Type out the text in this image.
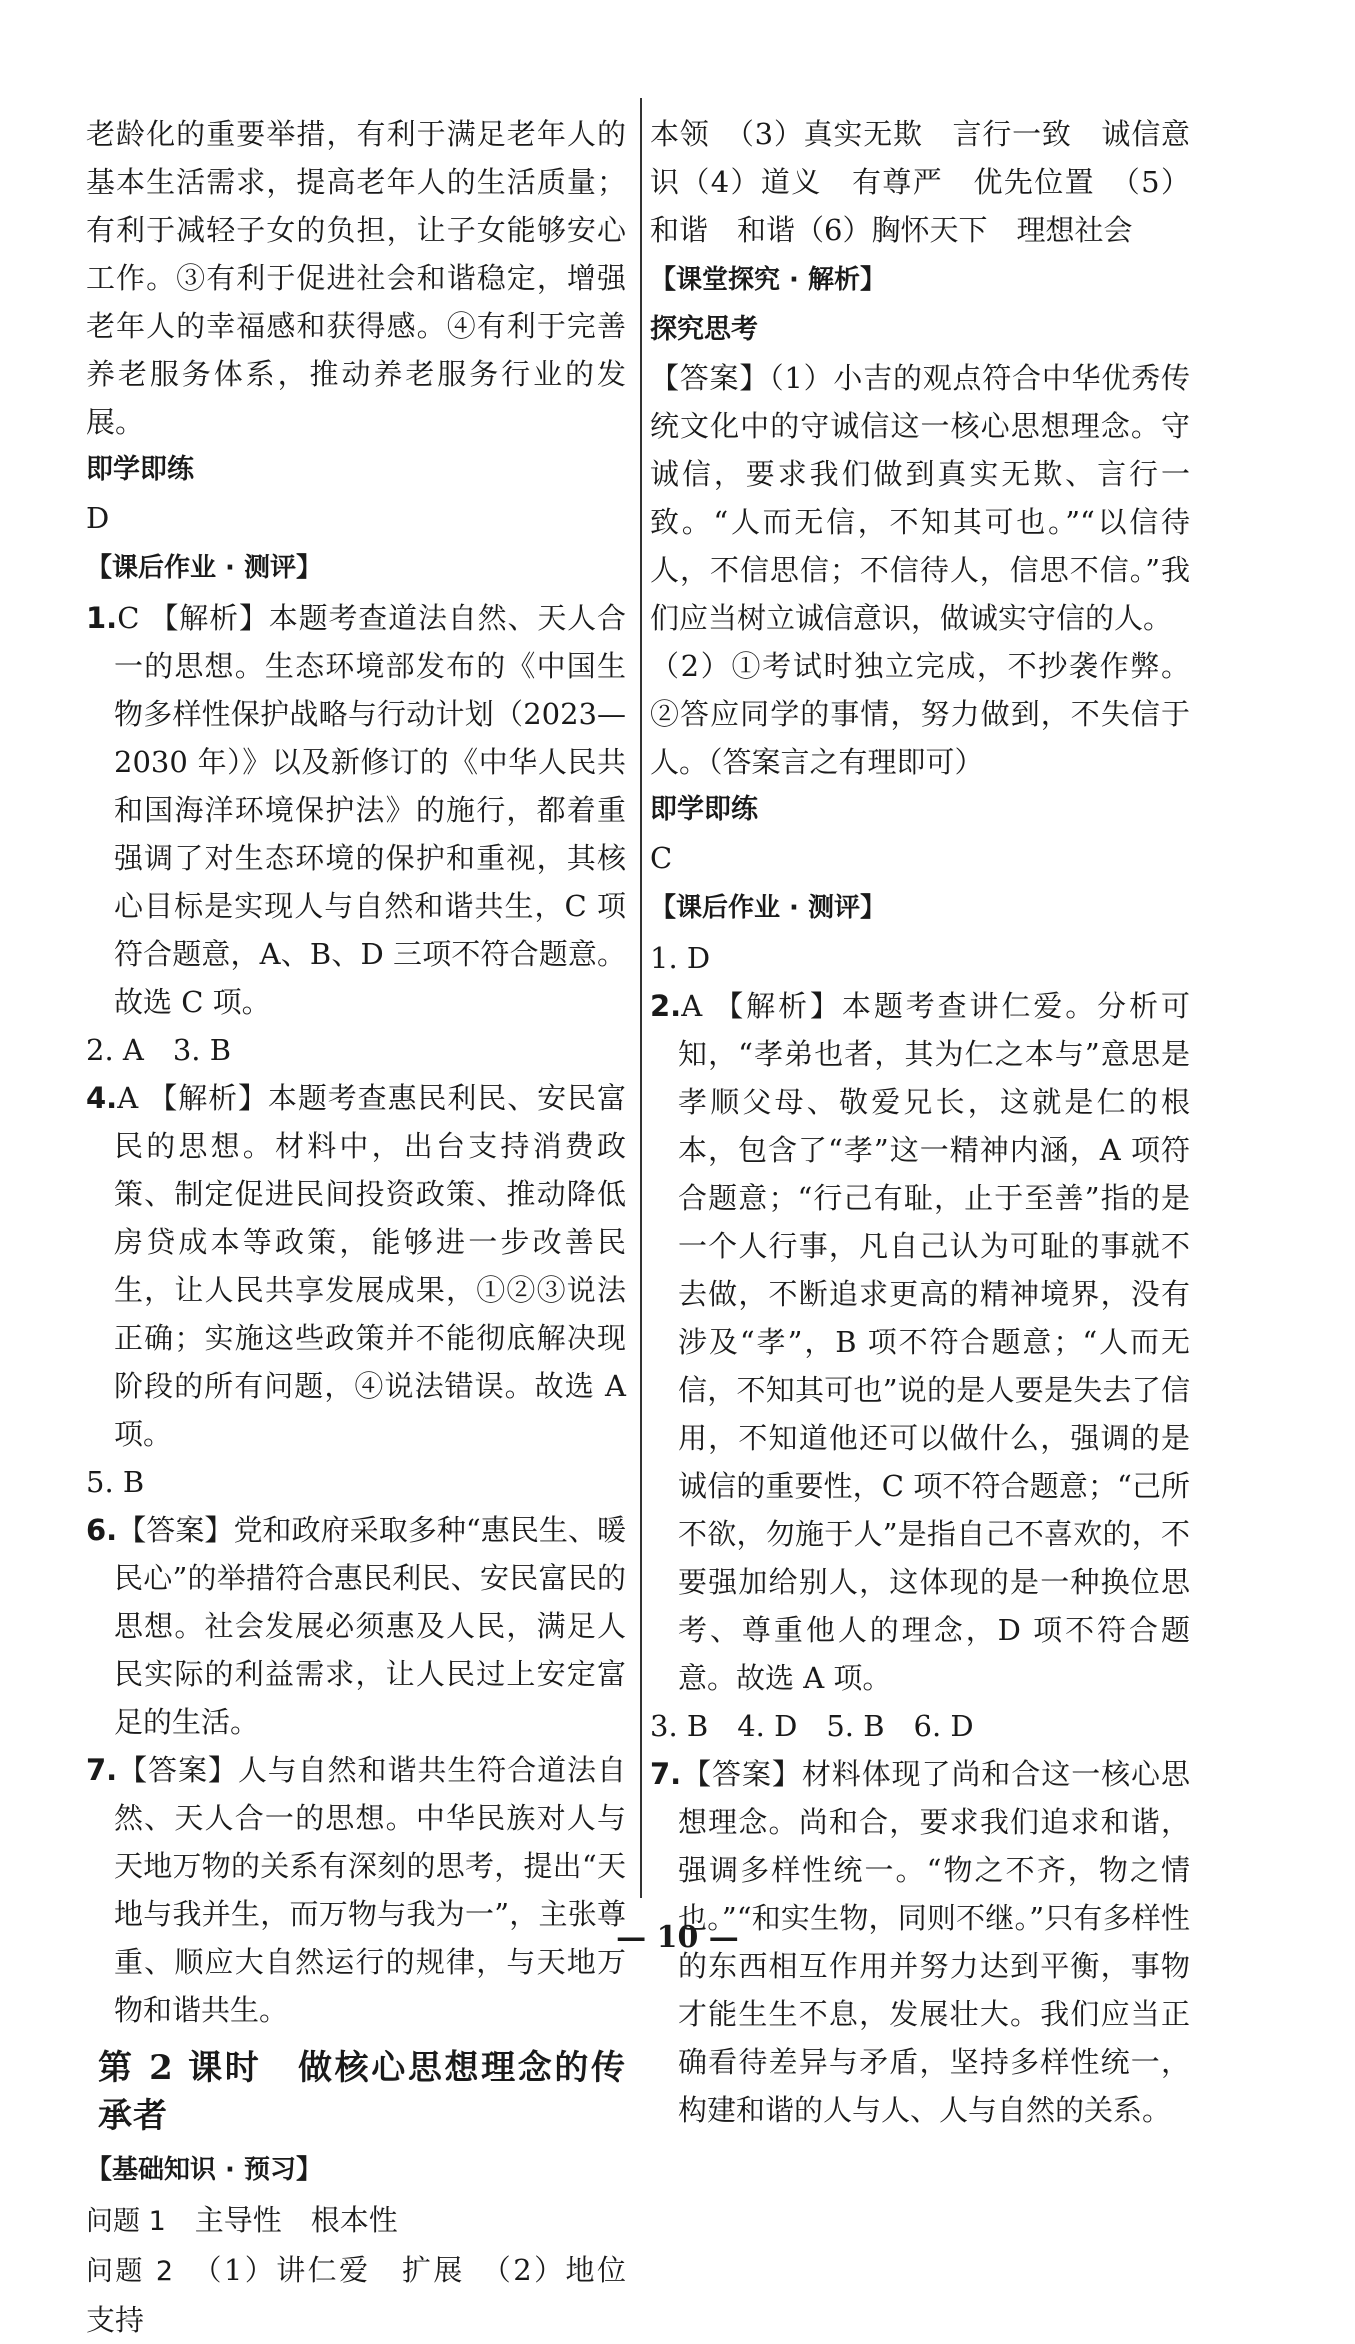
老龄化的重要举措，有利于满足老年人的基本生活需求，提高老年人的生活质量；有利于减轻子女的负担，让子女能够安心工作。③有利于促进社会和谐稳定，增强老年人的幸福感和获得感。④有利于完善养老服务体系，推动养老服务行业的发展。

即学即练

D

【课后作业 · 测评】

1.C 【解析】本题考查道法自然、天人合一的思想。生态环境部发布的《中国生物多样性保护战略与行动计划（2023—2030 年）》以及新修订的《中华人民共和国海洋环境保护法》的施行，都着重强调了对生态环境的保护和重视，其核心目标是实现人与自然和谐共生，C 项符合题意，A、B、D 三项不符合题意。故选 C 项。

2. A　3. B

4.A 【解析】本题考查惠民利民、安民富民的思想。材料中，出台支持消费政策、制定促进民间投资政策、推动降低房贷成本等政策，能够进一步改善民生，让人民共享发展成果，①②③说法正确；实施这些政策并不能彻底解决现阶段的所有问题，④说法错误。故选 A 项。

5. B

6.【答案】党和政府采取多种“惠民生、暖民心”的举措符合惠民利民、安民富民的思想。社会发展必须惠及人民，满足人民实际的利益需求，让人民过上安定富足的生活。

7.【答案】人与自然和谐共生符合道法自然、天人合一的思想。中华民族对人与天地万物的关系有深刻的思考，提出“天地与我并生，而万物与我为一”，主张尊重、顺应大自然运行的规律，与天地万物和谐共生。

第 2 课时　做核心思想理念的传承者

【基础知识 · 预习】

问题 1　 主导性　根本性

问题 2　 （1）讲仁爱　扩展　（2）地位　支持

本领　（3）真实无欺　言行一致　诚信意识（4）道义　有尊严　优先位置　（5）和谐　和谐（6）胸怀天下　理想社会

【课堂探究 · 解析】

探究思考

【答案】（1）小吉的观点符合中华优秀传统文化中的守诚信这一核心思想理念。守诚信，要求我们做到真实无欺、言行一致。“人而无信，不知其可也。”“以信待人，不信思信；不信待人，信思不信。”我们应当树立诚信意识，做诚实守信的人。

（2）①考试时独立完成，不抄袭作弊。②答应同学的事情，努力做到，不失信于人。（答案言之有理即可）

即学即练

C

【课后作业 · 测评】

1. D

2.A 【解析】本题考查讲仁爱。分析可知，“孝弟也者，其为仁之本与”意思是孝顺父母、敬爱兄长，这就是仁的根本，包含了“孝”这一精神内涵，A 项符合题意；“行己有耻，止于至善”指的是一个人行事，凡自己认为可耻的事就不去做，不断追求更高的精神境界，没有涉及“孝”，B 项不符合题意；“人而无信，不知其可也”说的是人要是失去了信用，不知道他还可以做什么，强调的是诚信的重要性，C 项不符合题意；“己所不欲，勿施于人”是指自己不喜欢的，不要强加给别人，这体现的是一种换位思考、尊重他人的理念，D 项不符合题意。故选 A 项。

3. B　4. D　5. B　6. D

7.【答案】材料体现了尚和合这一核心思想理念。尚和合，要求我们追求和谐，强调多样性统一。“物之不齐，物之情也。”“和实生物，同则不继。”只有多样性的东西相互作用并努力达到平衡，事物才能生生不息，发展壮大。我们应当正确看待差异与矛盾，坚持多样性统一，构建和谐的人与人、人与自然的关系。

— 10 —
